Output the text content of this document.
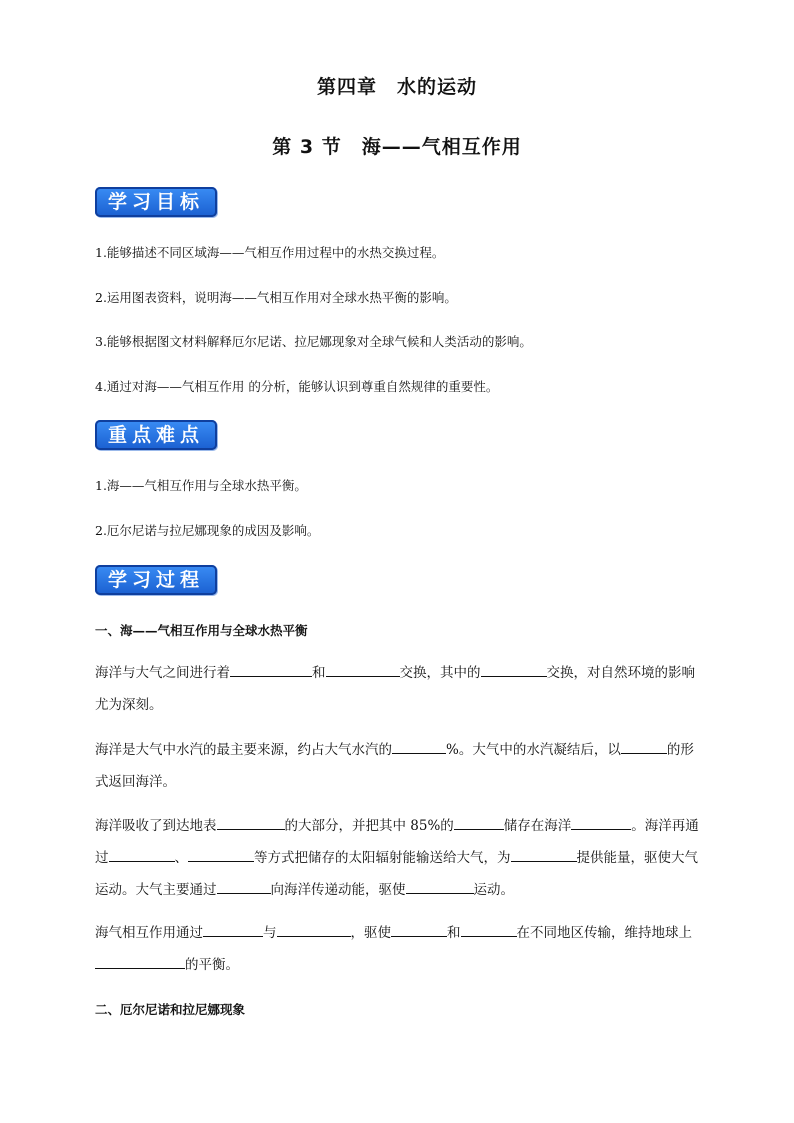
第四章　水的运动
第 3 节　海——气相互作用
学习目标
1.能够描述不同区域海——气相互作用过程中的水热交换过程。
2.运用图表资料，说明海——气相互作用对全球水热平衡的影响。
3.能够根据图文材料解释厄尔尼诺、拉尼娜现象对全球气候和人类活动的影响。
4.通过对海——气相互作用 的分析，能够认识到尊重自然规律的重要性。
重点难点
1.海——气相互作用与全球水热平衡。
2.厄尔尼诺与拉尼娜现象的成因及影响。
学习过程
一、海——气相互作用与全球水热平衡
海洋与大气之间进行着	和	交换，其中的	交换，对自然环境的影响尤为深刻。
海洋是大气中水汽的最主要来源，约占大气水汽的	%。大气中的水汽凝结后，以	的形式返回海洋。
海洋吸收了到达地表	的大部分，并把其中 85%的	储存在海洋	。海洋再通过	、	等方式把储存的太阳辐射能输送给大气，为	提供能量，驱使大气运动。大气主要通过	向海洋传递动能，驱使	运动。
海气相互作用通过	与	，驱使	和	在不同地区传输，维持地球上的平衡。
二、厄尔尼诺和拉尼娜现象
